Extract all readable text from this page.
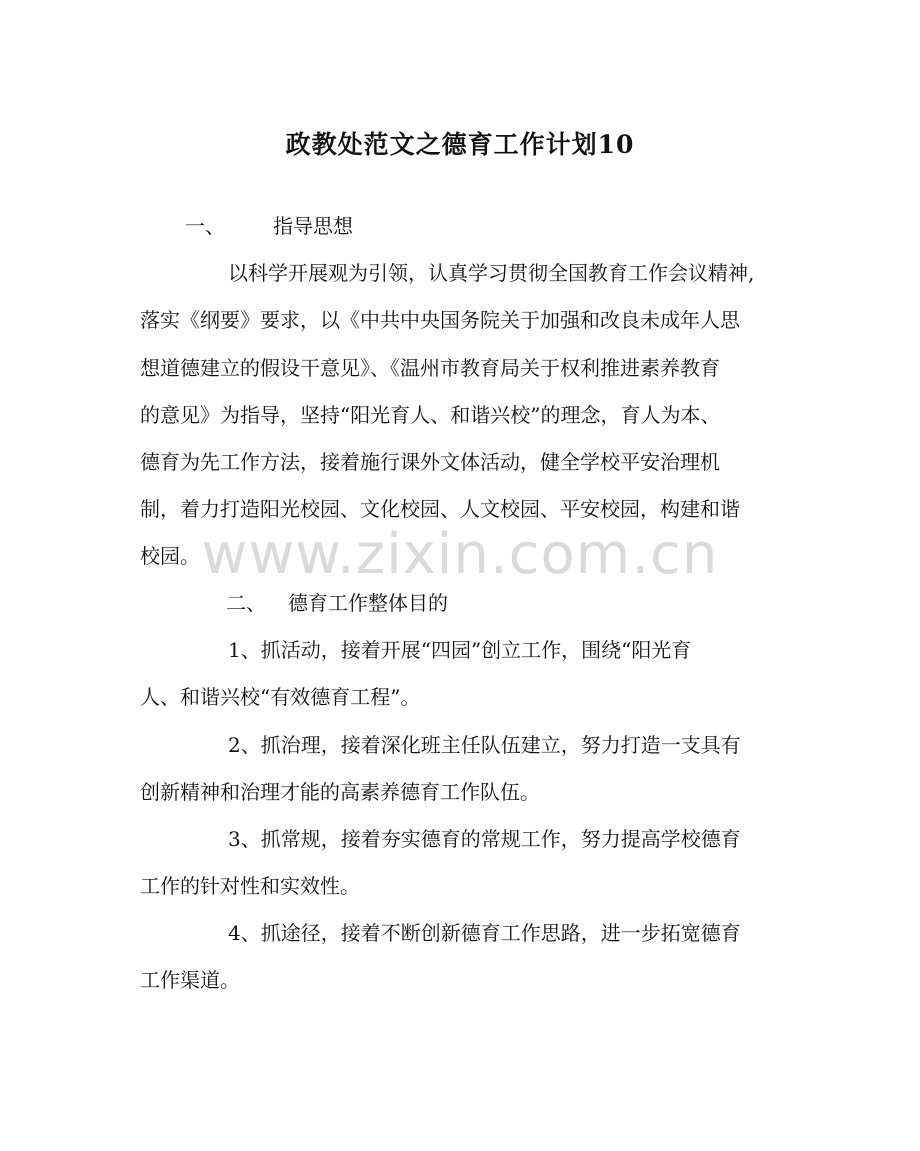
政教处范文之德育工作计划10
一、 指导思想
以科学开展观为引领，认真学习贯彻全国教育工作会议精神,
落实《纲要》要求，以《中共中央国务院关于加强和改良未成年人思
想道德建立的假设干意见》、《温州市教育局关于权利推进素养教育
的意见》为指导，坚持“阳光育人、和谐兴校”的理念，育人为本、
德育为先工作方法，接着施行课外文体活动，健全学校平安治理机
制，着力打造阳光校园、文化校园、人文校园、平安校园，构建和谐
校园。
二、 德育工作整体目的
1、抓活动，接着开展“四园”创立工作，围绕“阳光育
人、和谐兴校“有效德育工程”。
2、抓治理，接着深化班主任队伍建立，努力打造一支具有
创新精神和治理才能的高素养德育工作队伍。
3、抓常规，接着夯实德育的常规工作，努力提高学校德育
工作的针对性和实效性。
4、抓途径，接着不断创新德育工作思路，进一步拓宽德育
工作渠道。
www.zixin.com.cn
